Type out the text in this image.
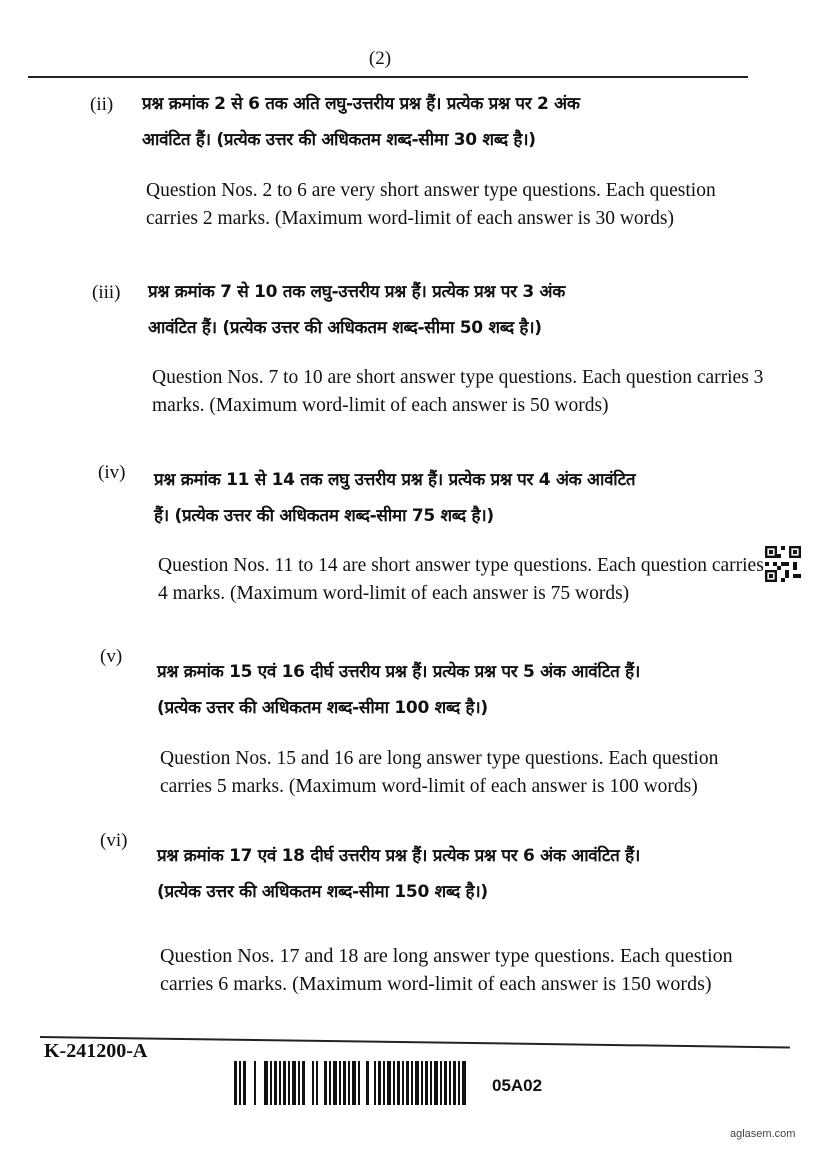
(2)
(ii) प्रश्न क्रमांक 2 से 6 तक अति लघु-उत्तरीय प्रश्न हैं। प्रत्येक प्रश्न पर 2 अंक
आवंटित हैं। (प्रत्येक उत्तर की अधिकतम शब्द-सीमा 30 शब्द है।)
Question Nos. 2 to 6 are very short answer type questions. Each question carries 2 marks. (Maximum word-limit of each answer is 30 words)
(iii) प्रश्न क्रमांक 7 से 10 तक लघु-उत्तरीय प्रश्न हैं। प्रत्येक प्रश्न पर 3 अंक
आवंटित हैं। (प्रत्येक उत्तर की अधिकतम शब्द-सीमा 50 शब्द है।)
Question Nos. 7 to 10 are short answer type questions. Each question carries 3 marks. (Maximum word-limit of each answer is 50 words)
(iv) प्रश्न क्रमांक 11 से 14 तक लघु उत्तरीय प्रश्न हैं। प्रत्येक प्रश्न पर 4 अंक आवंटित
हैं। (प्रत्येक उत्तर की अधिकतम शब्द-सीमा 75 शब्द है।)
Question Nos. 11 to 14 are short answer type questions. Each question carries 4 marks. (Maximum word-limit of each answer is 75 words)
(v)
प्रश्न क्रमांक 15 एवं 16 दीर्घ उत्तरीय प्रश्न हैं। प्रत्येक प्रश्न पर 5 अंक आवंटित हैं।
(प्रत्येक उत्तर की अधिकतम शब्द-सीमा 100 शब्द है।)
Question Nos. 15 and 16 are long answer type questions. Each question carries 5 marks. (Maximum word-limit of each answer is 100 words)
(vi)
प्रश्न क्रमांक 17 एवं 18 दीर्घ उत्तरीय प्रश्न हैं। प्रत्येक प्रश्न पर 6 अंक आवंटित हैं।
(प्रत्येक उत्तर की अधिकतम शब्द-सीमा 150 शब्द है।)
Question Nos. 17 and 18 are long answer type questions. Each question carries 6 marks. (Maximum word-limit of each answer is 150 words)
K-241200-A
05A02
aglasem.com
